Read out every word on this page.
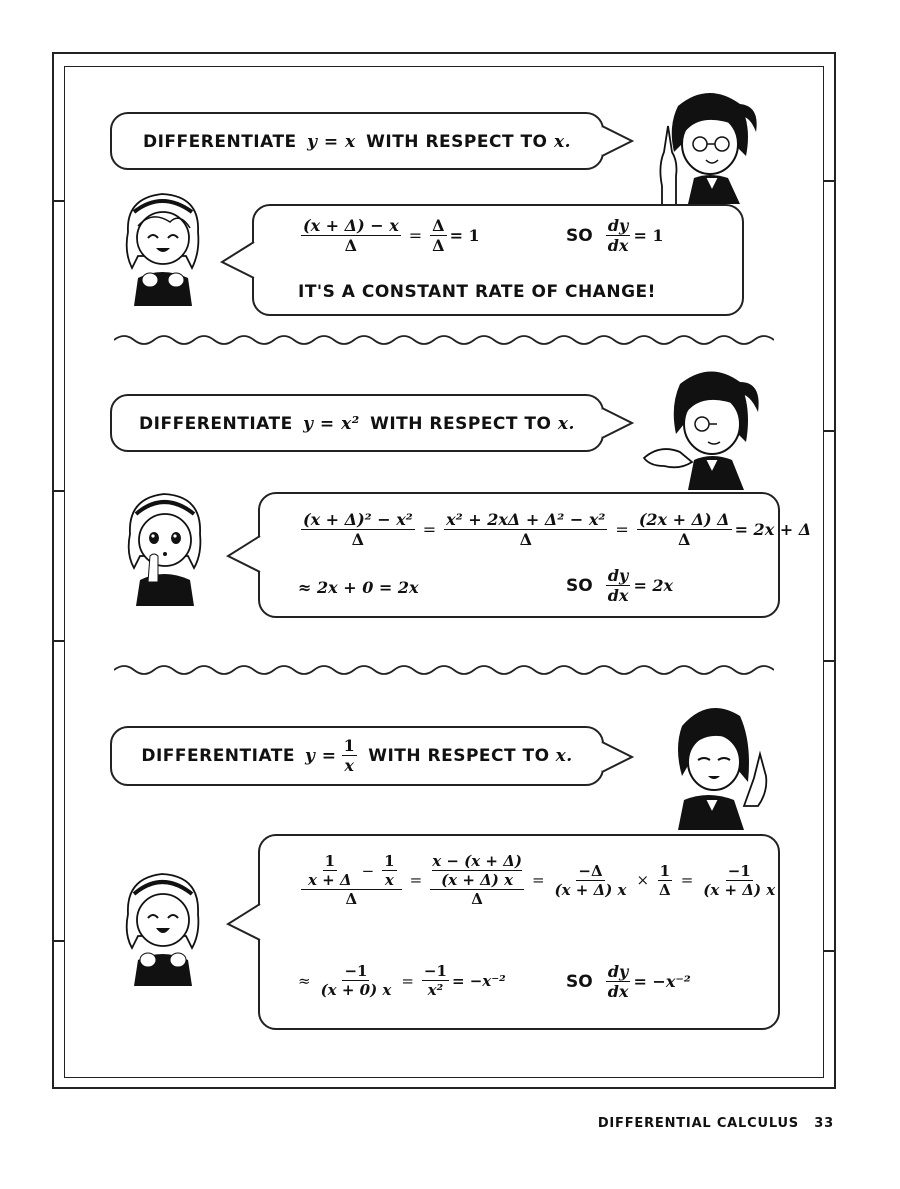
DIFFERENTIATE y = x WITH RESPECT TO x.
$\frac{(x + \Delta) - x}{\Delta} = \frac{\Delta}{\Delta} = 1$	SO $\frac{dy}{dx} = 1$
IT'S A CONSTANT RATE OF CHANGE!
DIFFERENTIATE y = x² WITH RESPECT TO x.
$\frac{\text{(x + Δ)² − x²}}{\Delta} = \frac{\text{x² + 2xΔ + Δ² − x²}}{\Delta} = \frac{(2x + \Delta) \Delta}{\Delta} = 2x + \Delta$
≈ 2x + 0 = 2x	SO $\frac{dy}{dx} = 2x$
DIFFERENTIATE $y = \frac{1}{x}$ WITH RESPECT TO x.
$\frac{\frac{1}{x + \Delta} - \frac{1}{x}}{\Delta} = \frac{\frac{x - (x + \Delta)}{(x + \Delta) x}}{\Delta} = \frac{-\Delta}{(x + \Delta) x} \times \frac{1}{\Delta} = \frac{-1}{(x + \Delta) x}$
≈ $\frac{-1}{(x + 0) x} = \frac{-1}{\text{x²}} = -x^{-2}$	SO $\frac{dy}{dx} = -x^{-2}$
DIFFERENTIAL CALCULUS 33
